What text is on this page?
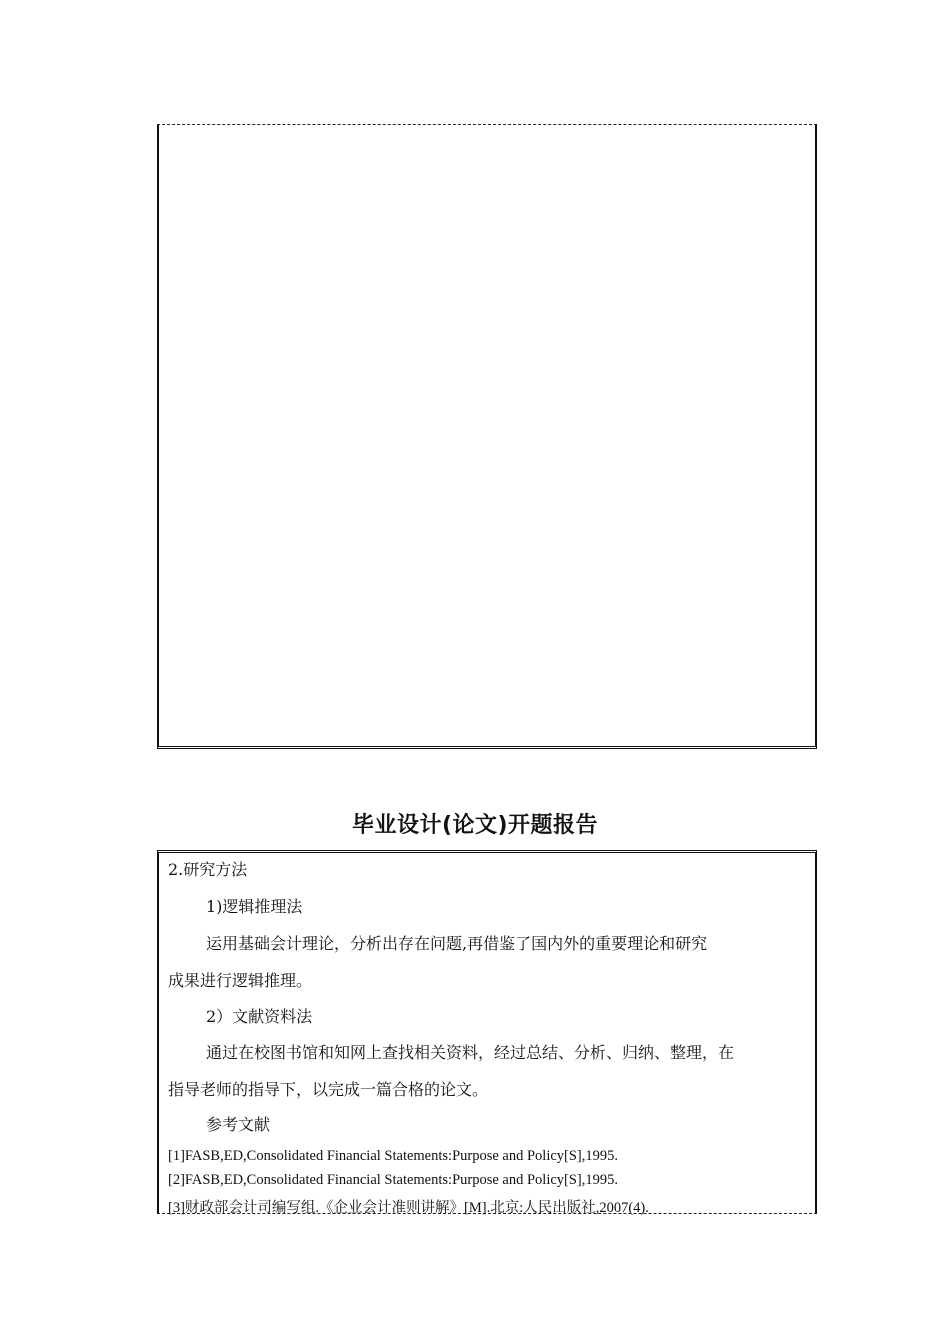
毕业设计(论文)开题报告
2.研究方法
1)逻辑推理法
运用基础会计理论，分析出存在问题,再借鉴了国内外的重要理论和研究
成果进行逻辑推理。
2）文献资料法
通过在校图书馆和知网上查找相关资料，经过总结、分析、归纳、整理，在
指导老师的指导下，以完成一篇合格的论文。
参考文献
[1]FASB,ED,Consolidated Financial Statements:Purpose and Policy[S],1995.
[2]FASB,ED,Consolidated Financial Statements:Purpose and Policy[S],1995.
[3]财政部会计司编写组.《企业会计准则讲解》[M].北京:人民出版社,2007(4).
